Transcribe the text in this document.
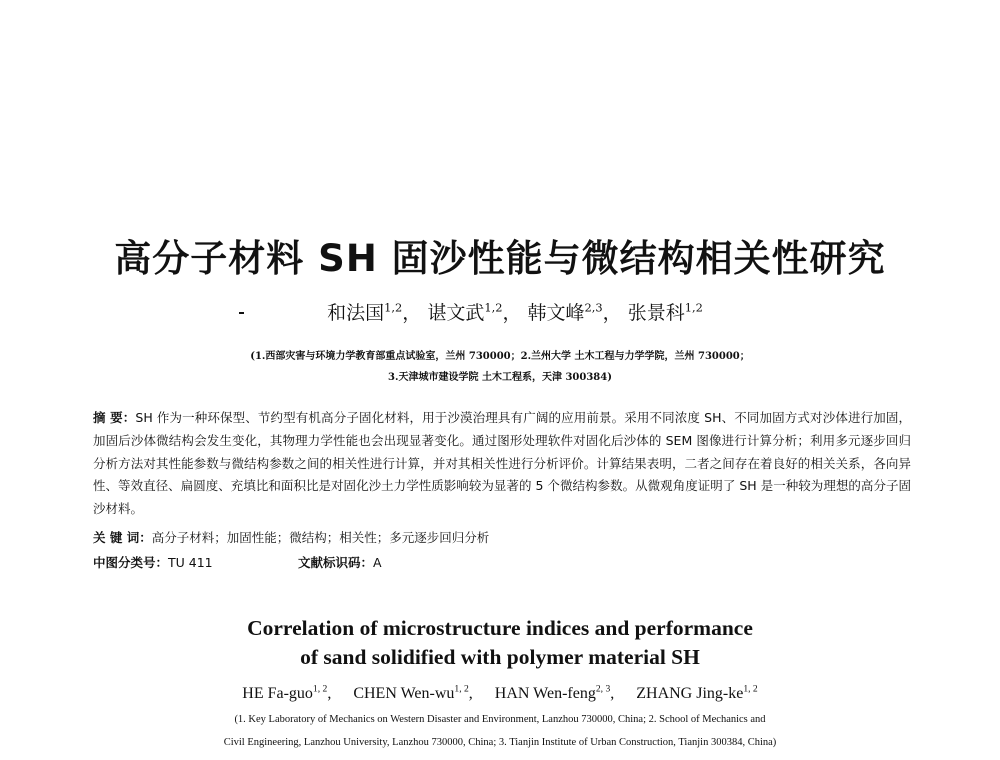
高分子材料 SH 固沙性能与微结构相关性研究
和法国$^{1,2}$， 谌文武$^{1,2}$， 韩文峰$^{2,3}$， 张景科$^{1,2}$
(1.西部灾害与环境力学教育部重点试验室，兰州 730000；2.兰州大学 土木工程与力学学院，兰州 730000；
3.天津城市建设学院 土木工程系，天津 300384)
摘 要：SH 作为一种环保型、节约型有机高分子固化材料，用于沙漠治理具有广阔的应用前景。采用不同浓度 SH、不同加固方式对沙体进行加固，加固后沙体微结构会发生变化，其物理力学性能也会出现显著变化。通过图形处理软件对固化后沙体的 SEM 图像进行计算分析；利用多元逐步回归分析方法对其性能参数与微结构参数之间的相关性进行计算，并对其相关性进行分析评价。计算结果表明，二者之间存在着良好的相关关系，各向异性、等效直径、扁圆度、充填比和面积比是对固化沙土力学性质影响较为显著的 5 个微结构参数。从微观角度证明了 SH 是一种较为理想的高分子固沙材料。
关 键 词：高分子材料；加固性能；微结构；相关性；多元逐步回归分析
中图分类号：TU 411	文献标识码：A
Correlation of microstructure indices and performance
of sand solidified with polymer material SH
HE Fa-guo$^{1, 2}$, CHEN Wen-wu$^{1, 2}$, HAN Wen-feng$^{2, 3}$, ZHANG Jing-ke$^{1, 2}$
(1. Key Laboratory of Mechanics on Western Disaster and Environment, Lanzhou 730000, China; 2. School of Mechanics and
Civil Engineering, Lanzhou University, Lanzhou 730000, China; 3. Tianjin Institute of Urban Construction, Tianjin 300384, China)
